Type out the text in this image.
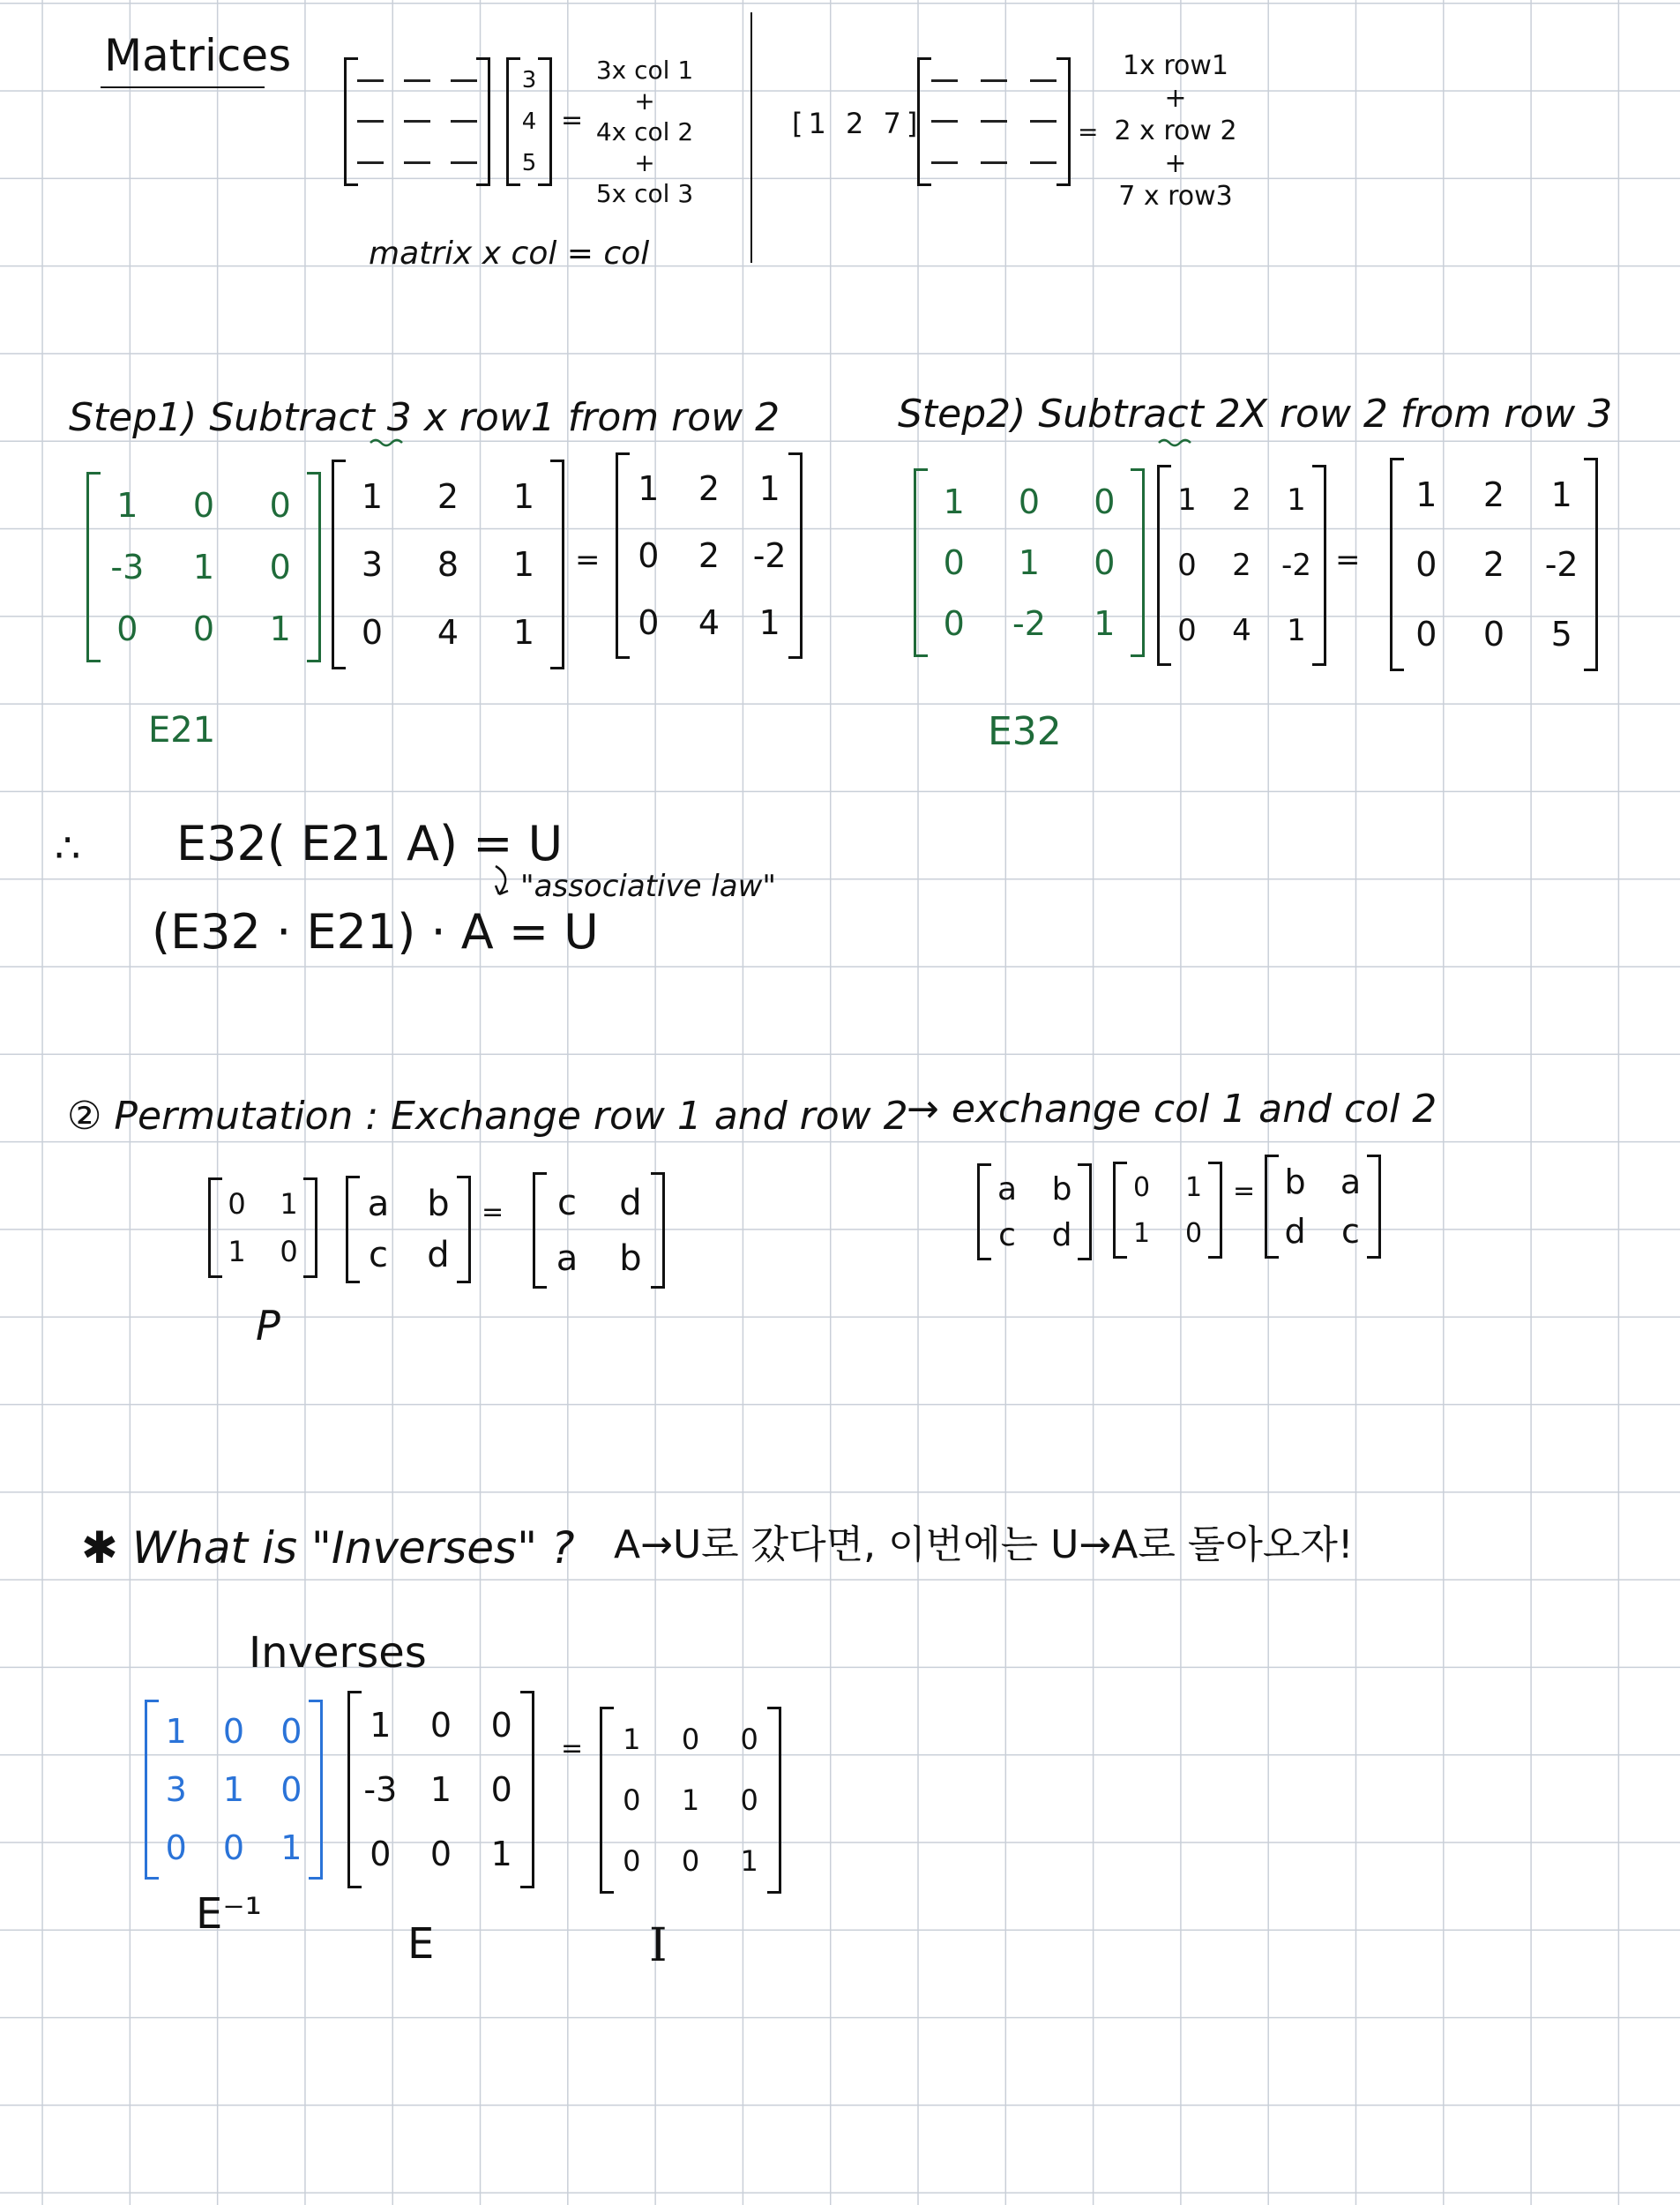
Matrices	3
4
5
=
3x col 1
+
4x col 2
+
5x col 3
matrix x col = col
[1 2 7]	=
1x row1
+
2 x row 2
+
7 x row3
Step1) Subtract 3 x row1 from row 2
1 0 0
-3 1 0
0 0 1
1 2 1
3 8 1
0 4 1
=
1 2 1
0 2 -2
0 4 1
E21
Step2) Subtract 2X row 2 from row 3
1 0 0
0 1 0
0 -2 1
1 2 1
0 2 -2
0 4 1
=
1 2 1
0 2 -2
0 0 5
E32
∴ E32( E21 A) = U
(E32 · E21) · A = U
"associative law"
② Permutation : Exchange row 1 and row 2
0 1
1 0
a b
c d
= c d
a b
P
→ exchange col 1 and col 2
a b
c d
0 1
1 0
= b a
d c
✱ What is "Inverses" ? A→U로 갔다면, 이번에는 U→A로 돌아오자!
Inverses
1 0 0
3 1 0
0 0 1
1 0 0
-3 1 0
0 0 1
= 1 0 0
0 1 0
0 0 1
E⁻¹
E	I
